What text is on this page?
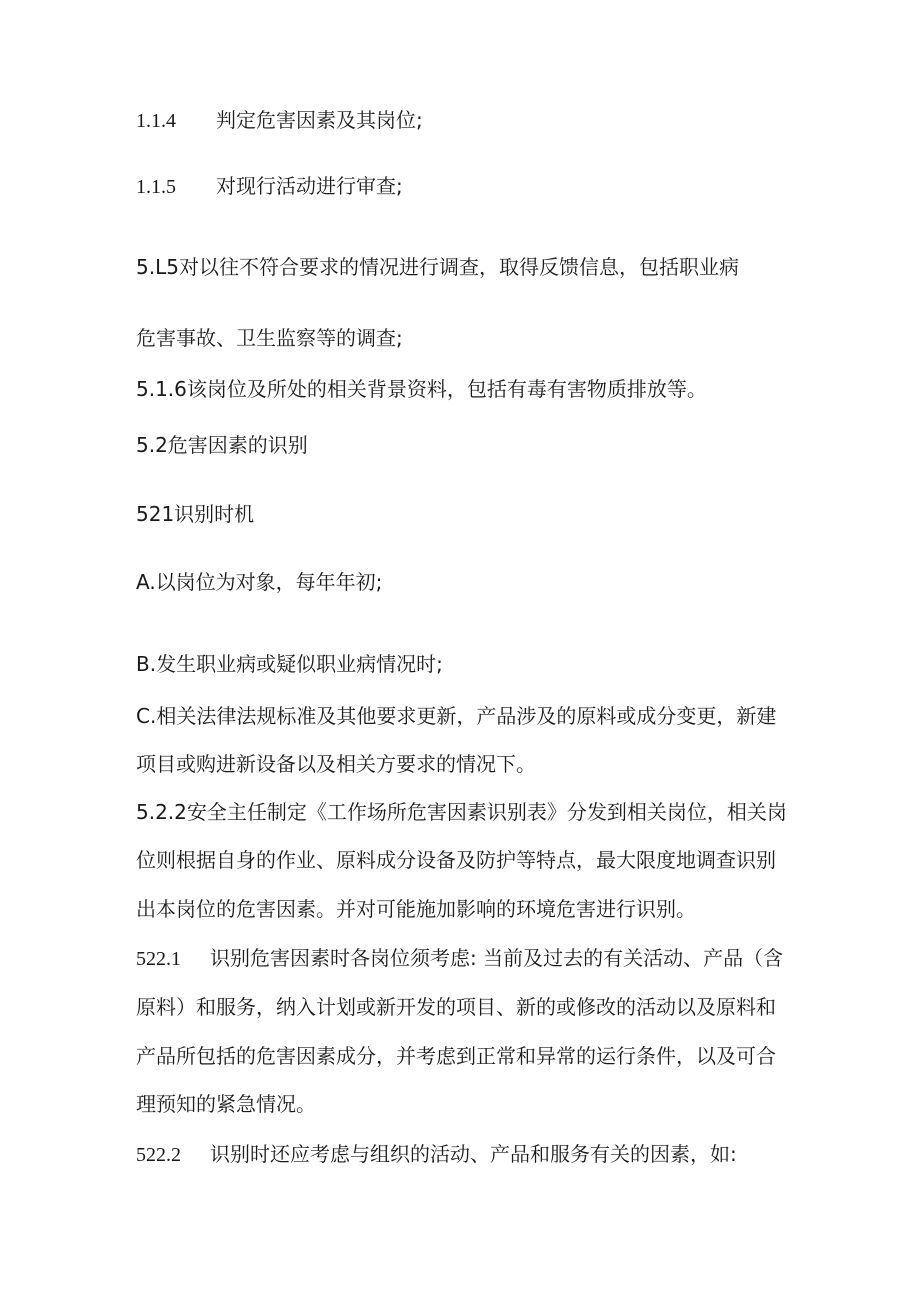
1.1.4 判定危害因素及其岗位;
1.1.5 对现行活动进行审查;
5.L5对以往不符合要求的情况进行调查，取得反馈信息，包括职业病
危害事故、卫生监察等的调查;
5.1.6该岗位及所处的相关背景资料，包括有毒有害物质排放等。
5.2危害因素的识别
521识别时机
A.以岗位为对象，每年年初;
B.发生职业病或疑似职业病情况时;
C.相关法律法规标准及其他要求更新，产品涉及的原料或成分变更，新建
项目或购进新设备以及相关方要求的情况下。
5.2.2安全主任制定《工作场所危害因素识别表》分发到相关岗位，相关岗
位则根据自身的作业、原料成分设备及防护等特点，最大限度地调查识别
出本岗位的危害因素。并对可能施加影响的环境危害进行识别。
522.1 识别危害因素时各岗位须考虑: 当前及过去的有关活动、产品（含
原料）和服务，纳入计划或新开发的项目、新的或修改的活动以及原料和
产品所包括的危害因素成分，并考虑到正常和异常的运行条件，以及可合
理预知的紧急情况。
522.2 识别时还应考虑与组织的活动、产品和服务有关的因素，如:
